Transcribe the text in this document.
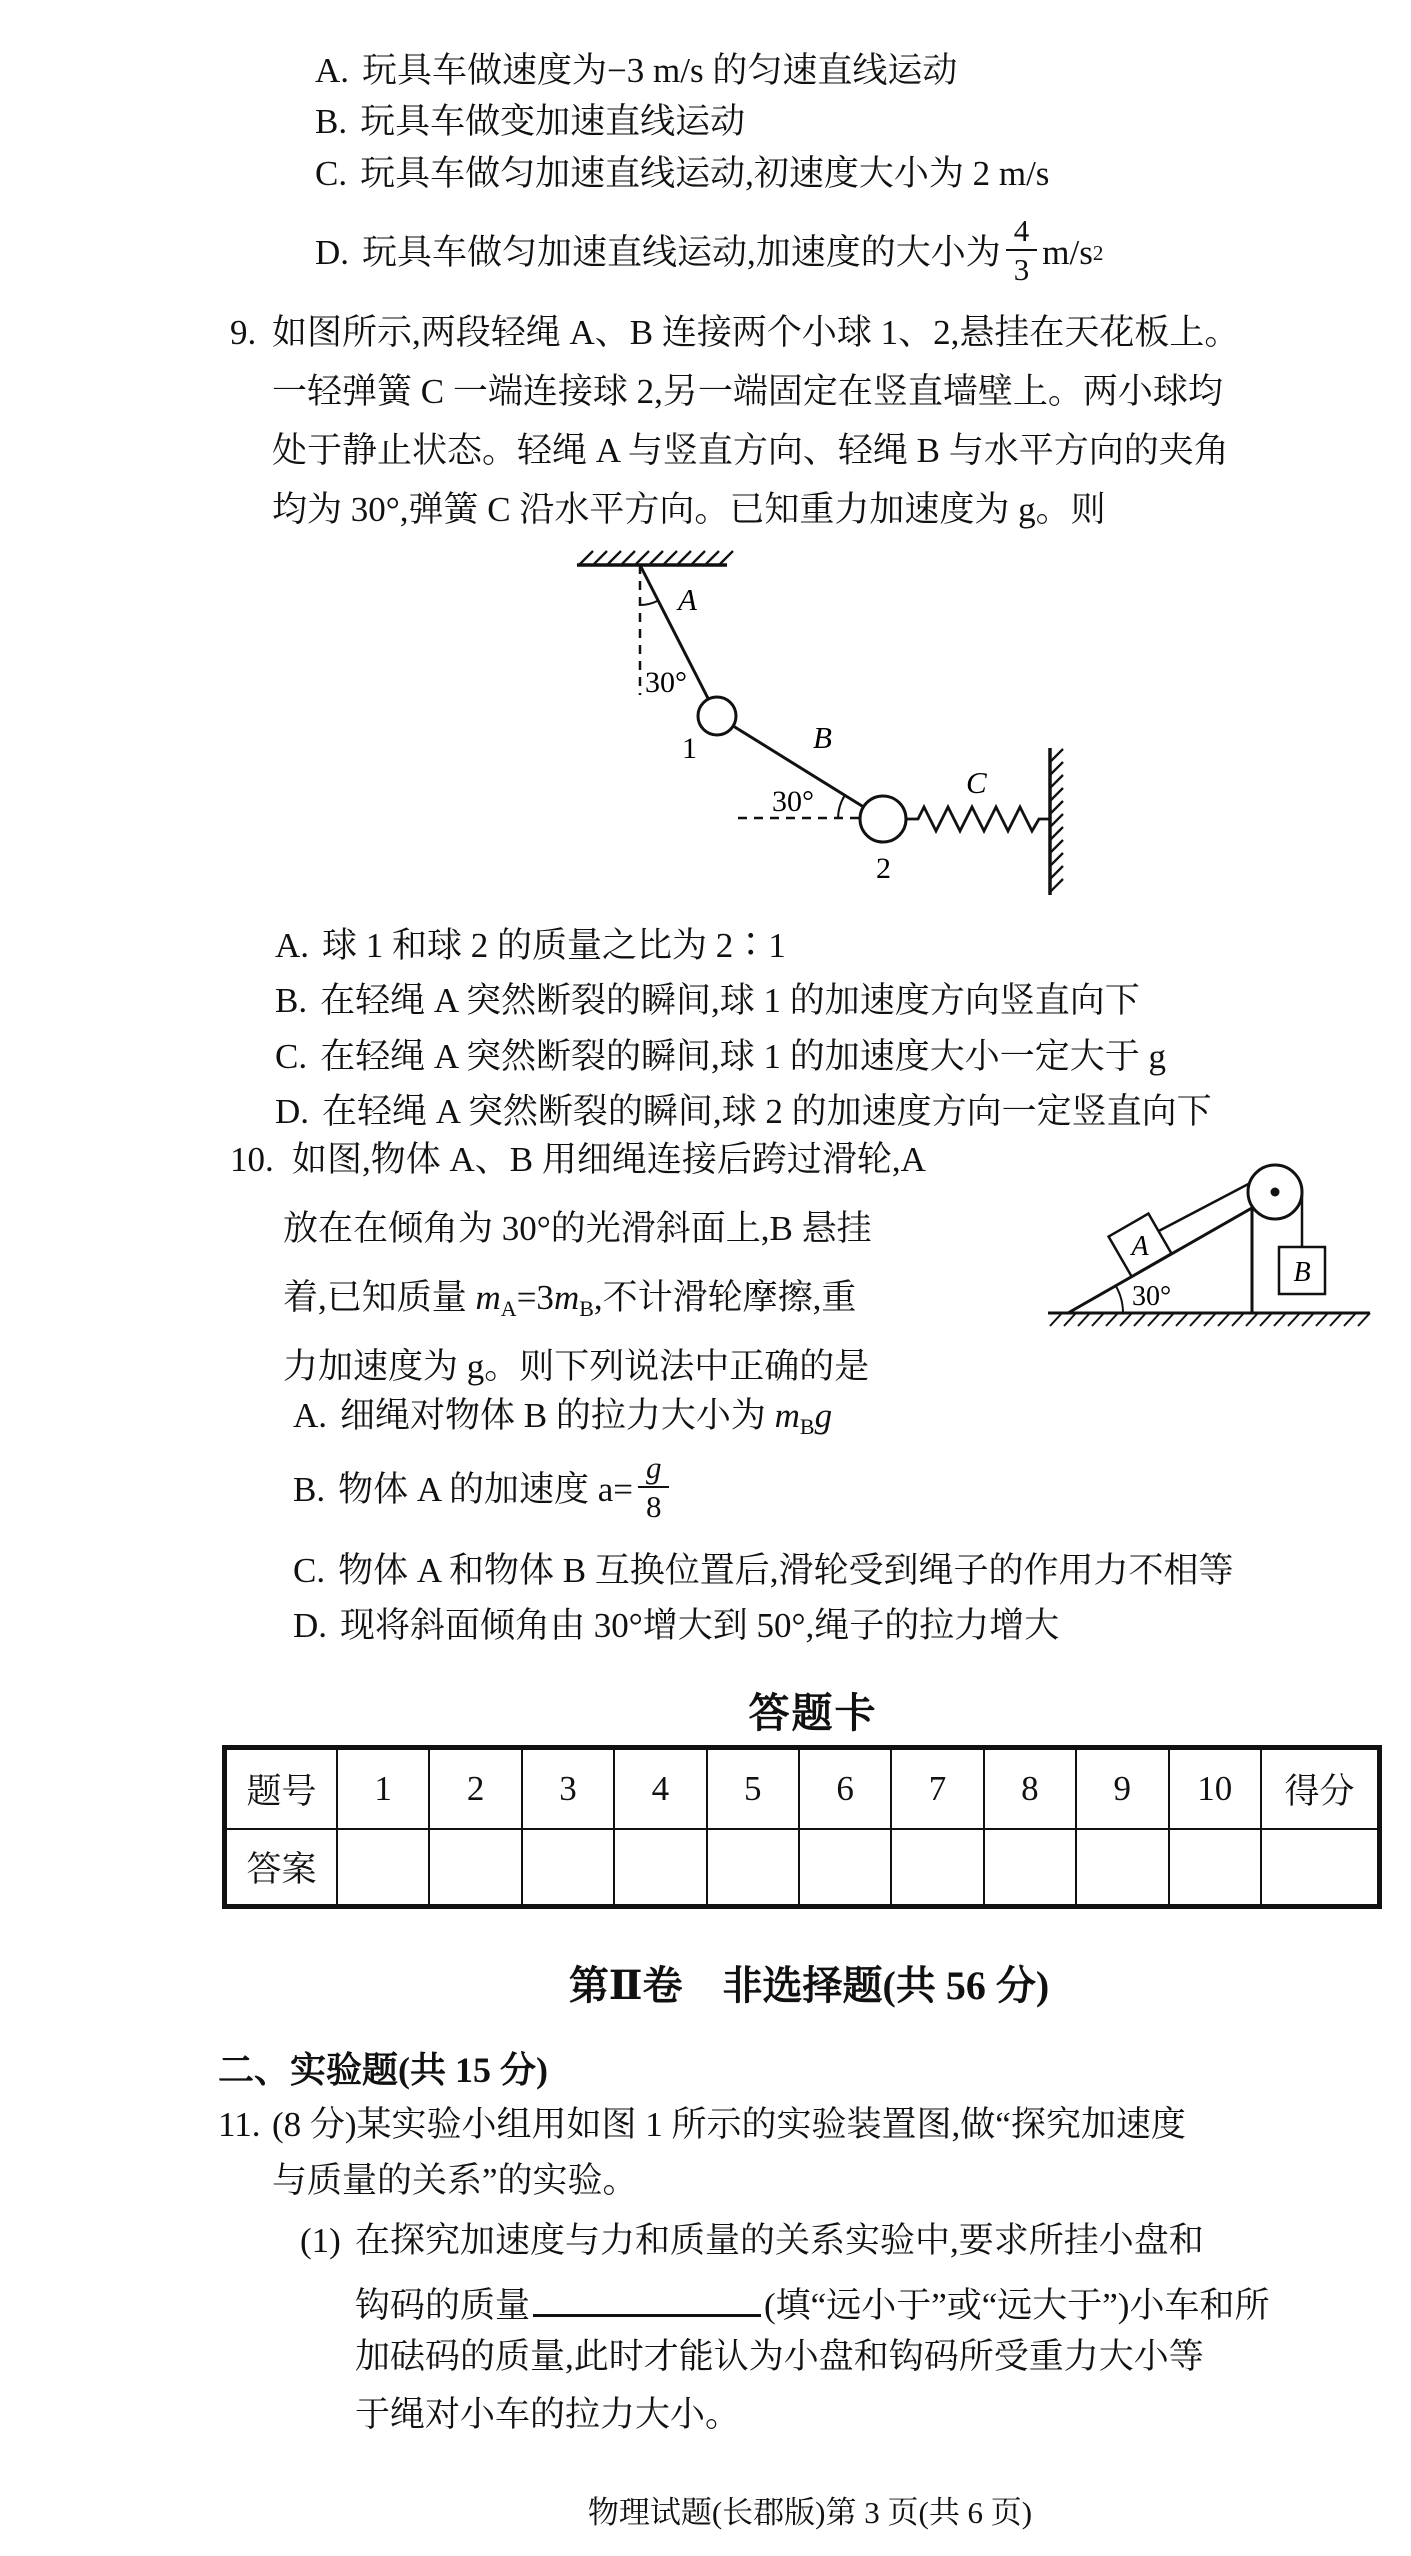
A. 玩具车做速度为−3 m/s 的匀速直线运动
B. 玩具车做变加速直线运动
C. 玩具车做匀加速直线运动,初速度大小为 2 m/s
D. 玩具车做匀加速直线运动,加速度的大小为 $\frac{4}{3} m/s$ 2
9. 如图所示,两段轻绳 A、B 连接两个小球 1、2,悬挂在天花板上。
一轻弹簧 C 一端连接球 2,另一端固定在竖直墙壁上。两小球均
处于静止状态。轻绳 A 与竖直方向、轻绳 B 与水平方向的夹角
均为 30°,弹簧 C 沿水平方向。已知重力加速度为 g。则
A
30°
B
1
30°
C
2
A. 球 1 和球 2 的质量之比为 2∶1
B. 在轻绳 A 突然断裂的瞬间,球 1 的加速度方向竖直向下
C. 在轻绳 A 突然断裂的瞬间,球 1 的加速度大小一定大于 g
D. 在轻绳 A 突然断裂的瞬间,球 2 的加速度方向一定竖直向下
10. 如图,物体 A、B 用细绳连接后跨过滑轮,A
放在在倾角为 30°的光滑斜面上,B 悬挂
着,已知质量 $m_A=3m_B$,不计滑轮摩擦,重
力加速度为 g。则下列说法中正确的是
30°
A
B
A. 细绳对物体 B 的拉力大小为 $m_Bg$
B. 物体 A 的加速度 $a= \frac{g}{8}$
C. 物体 A 和物体 B 互换位置后,滑轮受到绳子的作用力不相等
D. 现将斜面倾角由 30°增大到 50°,绳子的拉力增大
答题卡
题号	1	2	3	4	5	6	7	8	9	10	得分
答案											
第Ⅱ卷　非选择题(共 56 分)
二、实验题(共 15 分)
11. (8 分)某实验小组用如图 1 所示的实验装置图,做“探究加速度
与质量的关系”的实验。
(1) 在探究加速度与力和质量的关系实验中,要求所挂小盘和
钩码的质量	(填“远小于”或“远大于”)小车和所
加砝码的质量,此时才能认为小盘和钩码所受重力大小等
于绳对小车的拉力大小。
物理试题(长郡版)第 3 页(共 6 页)
